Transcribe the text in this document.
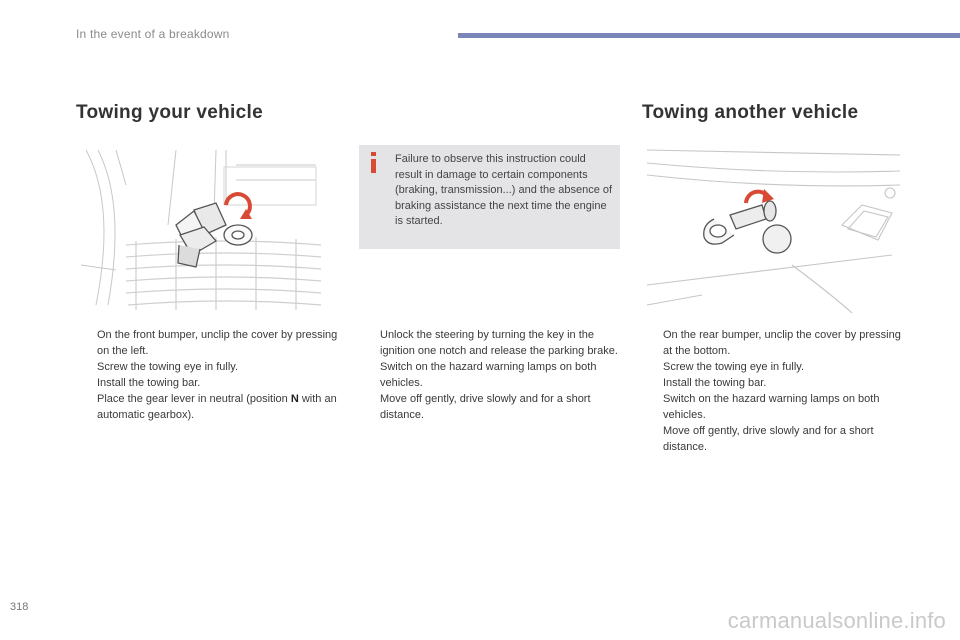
In the event of a breakdown
Towing your vehicle
On the front bumper, unclip the cover by pressing on the left.
Screw the towing eye in fully.
Install the towing bar.
Place the gear lever in neutral (position N with an automatic gearbox).
Failure to observe this instruction could result in damage to certain components (braking, transmission...) and the absence of braking assistance the next time the engine is started.
Unlock the steering by turning the key in the ignition one notch and release the parking brake.
Switch on the hazard warning lamps on both vehicles.
Move off gently, drive slowly and for a short distance.
Towing another vehicle
On the rear bumper, unclip the cover by pressing at the bottom.
Screw the towing eye in fully.
Install the towing bar.
Switch on the hazard warning lamps on both vehicles.
Move off gently, drive slowly and for a short distance.
318
carmanualsonline.info
